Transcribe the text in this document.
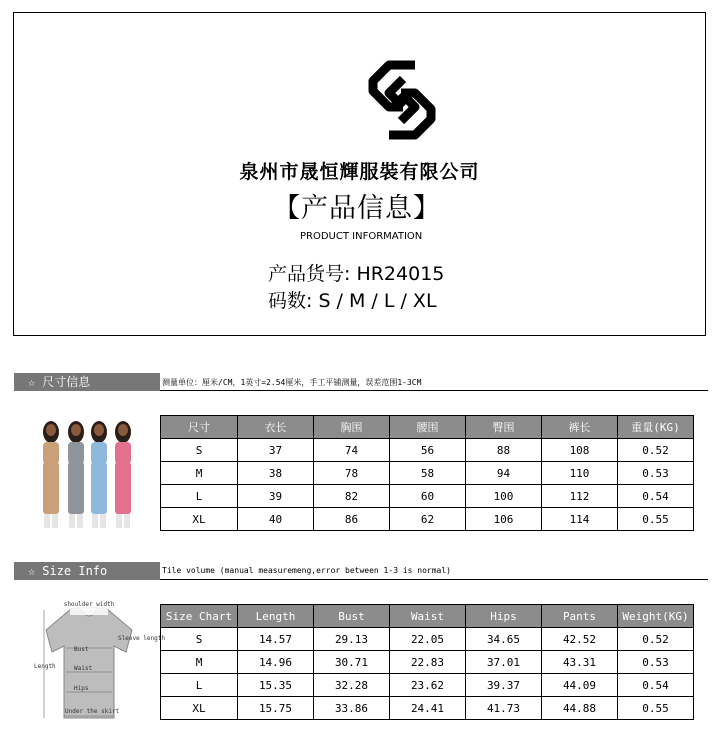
泉州市晟恒輝服裝有限公司
【产品信息】
PRODUCT INFORMATION
产品货号: HR24015
码数: S / M / L / XL
☆ 尺寸信息	测量单位：厘米/CM，1英寸=2.54厘米，手工平铺测量，误差范围1-3CM
尺寸	衣长	胸围	腰围	臀围	裤长	重量(KG)
S	37	74	56	88	108	0.52
M	38	78	58	94	110	0.53
L	39	82	60	100	112	0.54
XL	40	86	62	106	114	0.55
☆ Size Info	Tile volume (manual measuremeng,error between 1-3 is normal)
shoulder width
Bust
Sleeve length
Length	Waist
Hips
Under the skirt
Size Chart	Length	Bust	Waist	Hips	Pants	Weight(KG)
S	14.57	29.13	22.05	34.65	42.52	0.52
M	14.96	30.71	22.83	37.01	43.31	0.53
L	15.35	32.28	23.62	39.37	44.09	0.54
XL	15.75	33.86	24.41	41.73	44.88	0.55
